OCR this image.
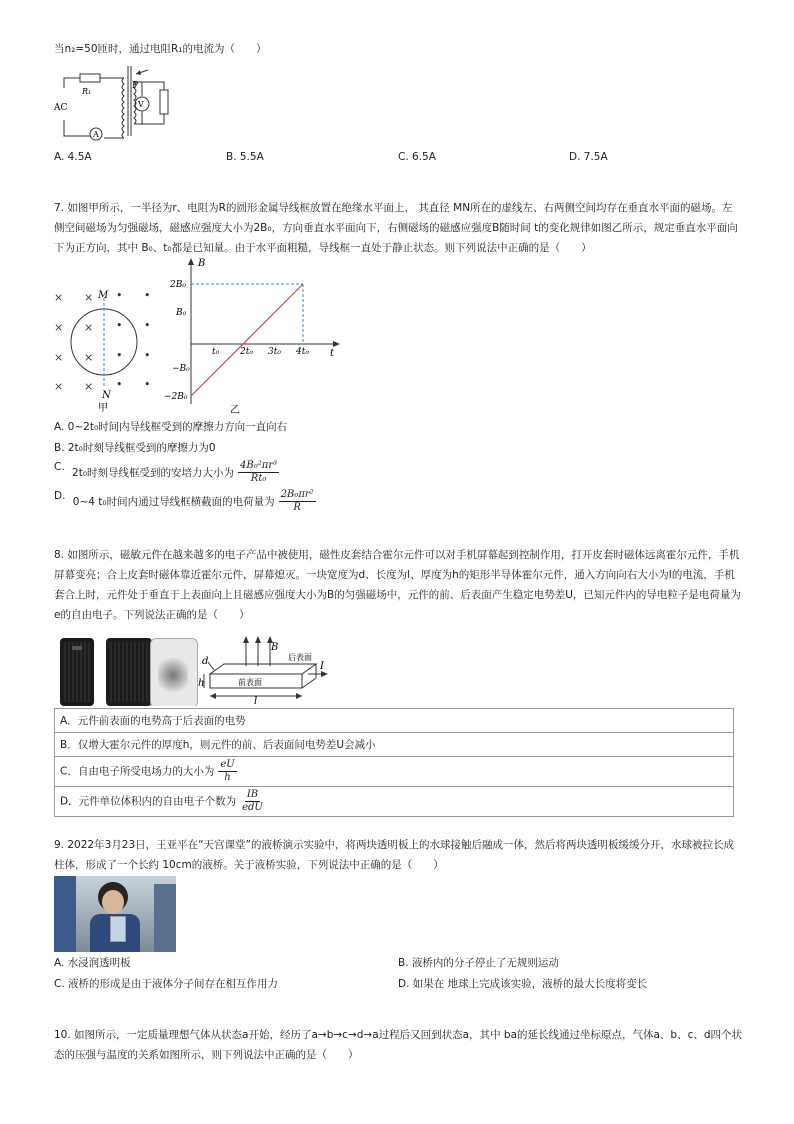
当n₂=50匝时，通过电阻R₁的电流为（　　）
P
R₁
V
AC
A
A. 4.5A	B. 5.5A	C. 6.5A	D. 7.5A
7. 如图甲所示，一半径为r、电阻为R的圆形金属导线框放置在绝缘水平面上， 其直径 MN所在的虚线左、右两侧空间均存在垂直水平面的磁场。左
侧空间磁场为匀强磁场，磁感应强度大小为2B₀，方向垂直水平面向下，右侧磁场的磁感应强度B随时间 t的变化规律如图乙所示，规定垂直水平面向
下为正方向，其中 B₀、t₀都是已知量。由于水平面粗糙，导线框一直处于静止状态。则下列说法中正确的是（　　）
× ×
× ×
× ×
× ×
• •
• •
• •
• •
M
N
甲
B
t
2B₀
B₀
−B₀
−2B₀
t₀ 2t₀ 3t₀ 4t₀
乙
A. 0~2t₀时间内导线框受到的摩擦力方向一直向右
B. 2t₀时刻导线框受到的摩擦力为0
C. 2t₀时刻导线框受到的安培力大小为 $\frac{\text{4B₀²πr³}}{\text{Rt₀}}$
D. 0~4 t₀时间内通过导线框横截面的电荷量为 $\frac{\text{2B₀πr²}}{R}$
8. 如图所示，磁敏元件在越来越多的电子产品中被使用，磁性皮套结合霍尔元件可以对手机屏幕起到控制作用，打开皮套时磁体远离霍尔元件，手机
屏幕变亮；合上皮套时磁体靠近霍尔元件，屏幕熄灭。一块宽度为d、长度为l、厚度为h的矩形半导体霍尔元件，通入方向向右大小为I的电流，手机
套合上时，元件处于垂直于上表面向上且磁感应强度大小为B的匀强磁场中，元件的前、后表面产生稳定电势差U，已知元件内的导电粒子是电荷量为
e的自由电子。下列说法正确的是（　　）
B
后表面
前表面
I
d
h
l
A．元件前表面的电势高于后表面的电势
B．仅增大霍尔元件的厚度h，则元件的前、后表面间电势差U会减小
C．自由电子所受电场力的大小为 $\frac{eU}{h}$

D．元件单位体积内的自由电子个数为 $\frac{IB}{\text{edU}}$
9. 2022年3月23日，王亚平在“天宫课堂”的液桥演示实验中，将两块透明板上的水球接触后融成一体，然后将两块透明板缓缓分开，水球被拉长成
柱体，形成了一个长约 10cm的液桥。关于液桥实验，下列说法中正确的是（　　）
A. 水浸润透明板	B. 液桥内的分子停止了无规则运动
C. 液桥的形成是由于液体分子间存在相互作用力	D. 如果在 地球上完成该实验，液桥的最大长度将变长
10. 如图所示，一定质量理想气体从状态a开始，经历了a→b→c→d→a过程后又回到状态a，其中 ba的延长线通过坐标原点，气体a、b、c、d四个状
态的压强与温度的关系如图所示，则下列说法中正确的是（　　）
